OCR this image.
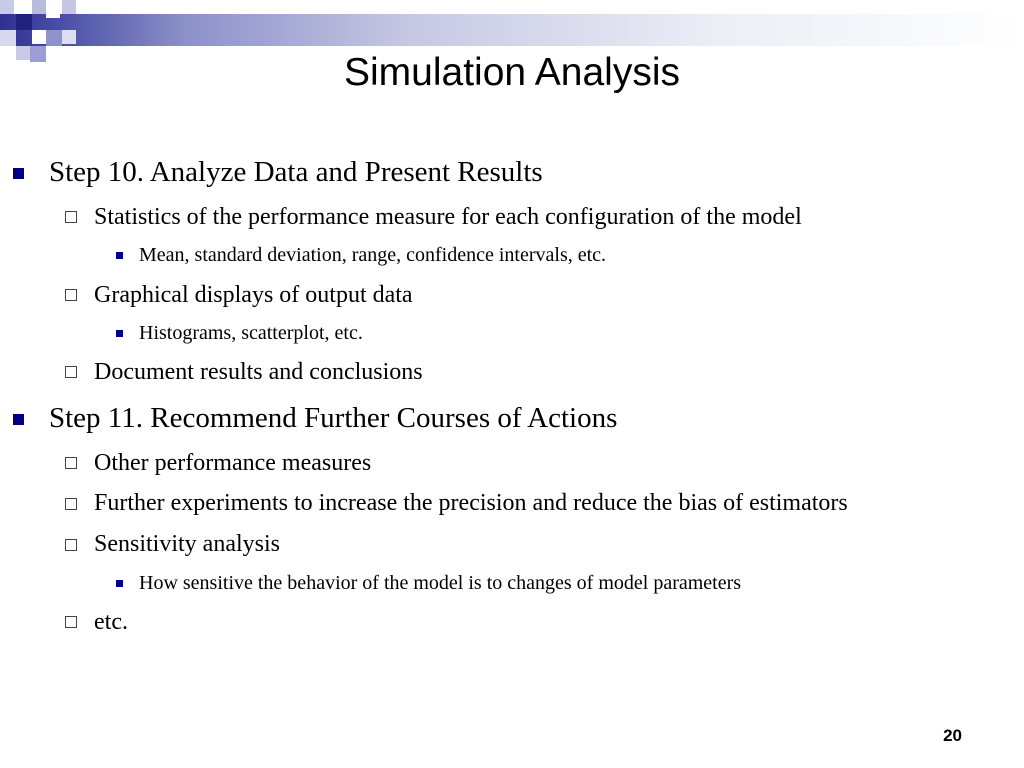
Simulation Analysis
Step 10. Analyze Data and Present Results
Statistics of the performance measure for each configuration of the model
Mean, standard deviation, range, confidence intervals, etc.
Graphical displays of output data
Histograms, scatterplot, etc.
Document results and conclusions
Step 11. Recommend Further Courses of Actions
Other performance measures
Further experiments to increase the precision and reduce the bias of estimators
Sensitivity analysis
How sensitive the behavior of the model is to changes of model parameters
etc.
20
